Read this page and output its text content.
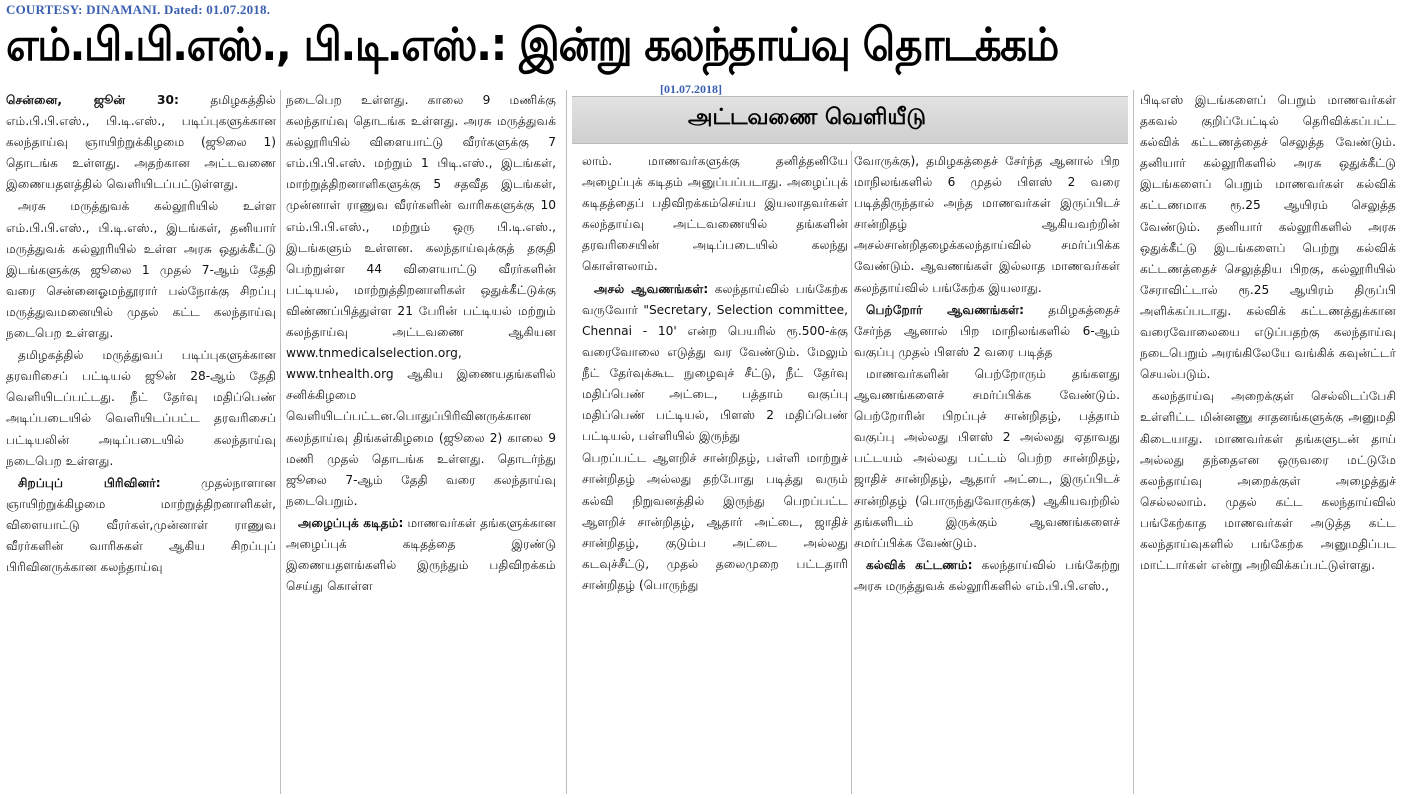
COURTESY: DINAMANI. Dated: 01.07.2018.
எம்.பி.பி.எஸ்., பி.டி.எஸ்.: இன்று கலந்தாய்வு தொடக்கம்

சென்னை, ஜூன் 30: தமிழகத்தில் எம்.பி.பி.எஸ்., பி.டி.எஸ்., படிப்புகளுக்கான கலந்தாய்வு ஞாயிற்றுக்கிழமை (ஜூலை 1) தொடங்க உள்ளது. அதற்கான அட்டவணை இணையதளத்தில் வெளியிடப்பட்டுள்ளது.

அரசு மருத்துவக் கல்லூரியில் உள்ள எம்.பி.பி.எஸ்., பி.டி.எஸ்., இடங்கள், தனியார் மருத்துவக் கல்லூரியில் உள்ள அரசு ஒதுக்கீட்டு இடங்களுக்கு ஜூலை 1 முதல் 7-ஆம் தேதி வரை சென்னைஓமந்தூரார் பல்நோக்கு சிறப்பு மருத்துவமனையில் முதல் கட்ட கலந்தாய்வு நடைபெற உள்ளது.

தமிழகத்தில் மருத்துவப் படிப்புகளுக்கான தரவரிசைப் பட்டியல் ஜூன் 28-ஆம் தேதி வெளியிடப்பட்டது. நீட் தேர்வு மதிப்பெண் அடிப்படையில் வெளியிடப்பட்ட தரவரிசைப் பட்டியலின் அடிப்படையில் கலந்தாய்வு நடைபெற உள்ளது.

சிறப்புப் பிரிவினர்: முதல்நாளான ஞாயிற்றுக்கிழமை மாற்றுத்திறனாளிகள், விளையாட்டு வீரர்கள்,முன்னாள் ராணுவ வீரர்களின் வாரிசுகள் ஆகிய சிறப்புப் பிரிவினருக்கான கலந்தாய்வு

நடைபெற உள்ளது. காலை 9 மணிக்கு கலந்தாய்வு தொடங்க உள்ளது. அரசு மருத்துவக் கல்லூரியில் விளையாட்டு வீரர்களுக்கு 7 எம்.பி.பி.எஸ். மற்றும் 1 பிடி.எஸ்., இடங்கள், மாற்றுத்திறனாளிகளுக்கு 5 சதவீத இடங்கள், முன்னாள் ராணுவ வீரர்களின் வாரிசுகளுக்கு 10 எம்.பி.பி.எஸ்., மற்றும் ஒரு பி.டி.எஸ்., இடங்களும் உள்ளன. கலந்தாய்வுக்குத் தகுதி பெற்றுள்ள 44 விளையாட்டு வீரர்களின் பட்டியல், மாற்றுத்திறனாளிகள் ஒதுக்கீட்டுக்கு விண்ணப்பித்துள்ள 21 பேரின் பட்டியல் மற்றும் கலந்தாய்வு அட்டவணை ஆகியன www.tnmedicalselection.org, www.tnhealth.org ஆகிய இணையதங்களில் சனிக்கிழமை வெளியிடப்பட்டன.பொதுப்பிரிவினருக்கான கலந்தாய்வு திங்கள்கிழமை (ஜூலை 2) காலை 9 மணி முதல் தொடங்க உள்ளது. தொடர்ந்து ஜூலை 7-ஆம் தேதி வரை கலந்தாய்வு நடைபெறும்.

அழைப்புக் கடிதம்: மாணவர்கள் தங்களுக்கான அழைப்புக் கடிதத்தை இரண்டு இணையதளங்களில் இருந்தும் பதிவிறக்கம் செய்து கொள்ள

[01.07.2018]
அட்டவணை வெளியீடு

லாம். மாணவர்களுக்கு தனித்தனியே அழைப்புக் கடிதம் அனுப்பப்படாது. அழைப்புக் கடிதத்தைப் பதிவிறக்கம்செய்ய இயலாதவர்கள் கலந்தாய்வு அட்டவணையில் தங்களின் தரவரிசையின் அடிப்படையில் கலந்து கொள்ளலாம்.

அசல் ஆவணங்கள்: கலந்தாய்வில் பங்கேற்க வருவோர் "Secretary, Selection committee, Chennai - 10' என்ற பெயரில் ரூ.500-க்கு வரைவோலை எடுத்து வர வேண்டும். மேலும் நீட் தேர்வுக்கூட நுழைவுச் சீட்டு, நீட் தேர்வு மதிப்பெண் அட்டை, பத்தாம் வகுப்பு மதிப்பெண் பட்டியல், பிளஸ் 2 மதிப்பெண் பட்டியல், பள்ளியில் இருந்து

பெறப்பட்ட ஆளறிச் சான்றிதழ், பள்ளி மாற்றுச் சான்றிதழ் அல்லது தற்போது படித்து வரும் கல்வி நிறுவனத்தில் இருந்து பெறப்பட்ட ஆளறிச் சான்றிதழ், ஆதார் அட்டை, ஜாதிச் சான்றிதழ், குடும்ப அட்டை அல்லது கடவுச்சீட்டு, முதல் தலைமுறை பட்டதாரி சான்றிதழ் (பொருந்து

வோருக்கு), தமிழகத்தைச் சேர்ந்த ஆனால் பிற மாநிலங்களில் 6 முதல் பிளஸ் 2 வரை படித்திருந்தால் அந்த மாணவர்கள் இருப்பிடச் சான்றிதழ் ஆகியவற்றின் அசல்சான்றிதழைக்கலந்தாய்வில் சமர்ப்பிக்க வேண்டும். ஆவணங்கள் இல்லாத மாணவர்கள் கலந்தாய்வில் பங்கேற்க இயலாது.

பெற்றோர் ஆவணங்கள்: தமிழகத்தைச் சேர்ந்த ஆனால் பிற மாநிலங்களில் 6-ஆம் வகுப்பு முதல் பிளஸ் 2 வரை படித்த

மாணவர்களின் பெற்றோரும் தங்களது ஆவணங்களைச் சமர்ப்பிக்க வேண்டும். பெற்றோரின் பிறப்புச் சான்றிதழ், பத்தாம் வகுப்பு அல்லது பிளஸ் 2 அல்லது ஏதாவது பட்டயம் அல்லது பட்டம் பெற்ற சான்றிதழ், ஜாதிச் சான்றிதழ், ஆதார் அட்டை, இருப்பிடச் சான்றிதழ் (பொருந்துவோருக்கு) ஆகியவற்றில் தங்களிடம் இருக்கும் ஆவணங்களைச் சமர்ப்பிக்க வேண்டும்.

கல்விக் கட்டணம்: கலந்தாய்வில் பங்கேற்று அரசு மருத்துவக் கல்லூரிகளில் எம்.பி.பி.எஸ்.,

பிடிஎஸ் இடங்களைப் பெறும் மாணவர்கள் தகவல் குறிப்பேட்டில் தெரிவிக்கப்பட்ட கல்விக் கட்டணத்தைச் செலுத்த வேண்டும். தனியார் கல்லூரிகளில் அரசு ஒதுக்கீட்டு இடங்களைப் பெறும் மாணவர்கள் கல்விக் கட்டணமாக ரூ.25 ஆயிரம் செலுத்த வேண்டும். தனியார் கல்லூரிகளில் அரசு ஒதுக்கீட்டு இடங்களைப் பெற்று கல்விக் கட்டணத்தைச் செலுத்திய பிறகு, கல்லூரியில் சேராவிட்டால் ரூ.25 ஆயிரம் திருப்பி அளிக்கப்படாது. கல்விக் கட்டணத்துக்கான வரைவோலையை எடுப்பதற்கு கலந்தாய்வு நடைபெறும் அரங்கிலேயே வங்கிக் கவுன்ட்டர் செயல்படும்.

கலந்தாய்வு அறைக்குள் செல்லிடப்பேசி உள்ளிட்ட மின்னணு சாதனங்களுக்கு அனுமதி கிடையாது. மாணவர்கள் தங்களுடன் தாய் அல்லது தந்தைஎன ஒருவரை மட்டுமே கலந்தாய்வு அறைக்குள் அழைத்துச் செல்லலாம். முதல் கட்ட கலந்தாய்வில் பங்கேற்காத மாணவர்கள் அடுத்த கட்ட கலந்தாய்வுகளில் பங்கேற்க அனுமதிப்பட மாட்டார்கள் என்று அறிவிக்கப்பட்டுள்ளது.
